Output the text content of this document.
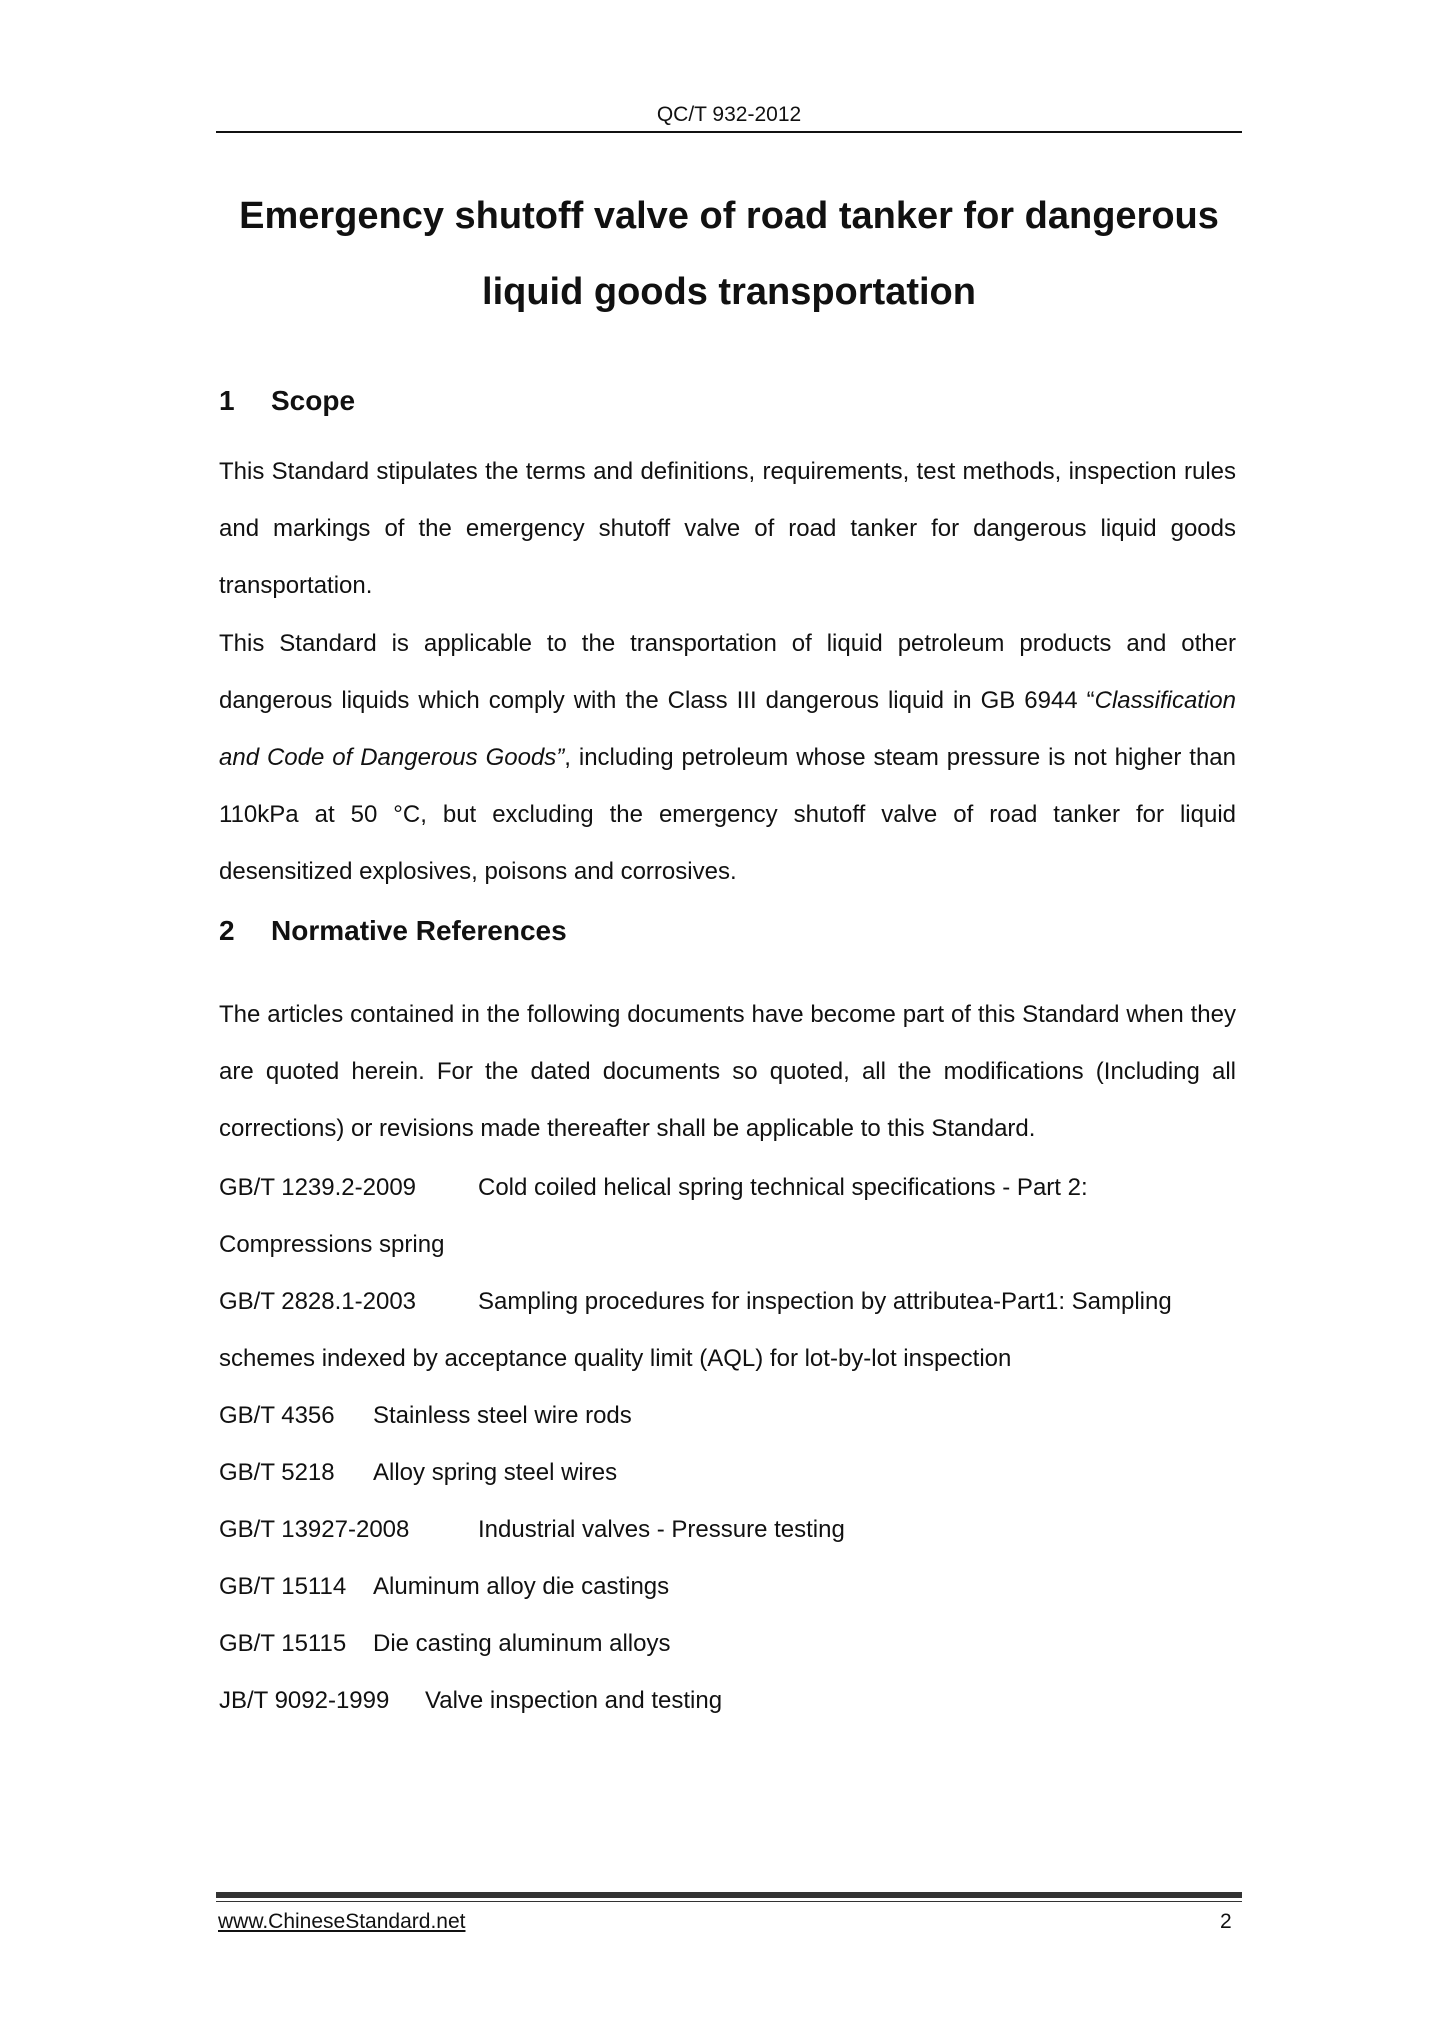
QC/T 932-2012
Emergency shutoff valve of road tanker for dangerous
liquid goods transportation
1 Scope
This Standard stipulates the terms and definitions, requirements, test methods, inspection rules and markings of the emergency shutoff valve of road tanker for dangerous liquid goods transportation.
This Standard is applicable to the transportation of liquid petroleum products and other dangerous liquids which comply with the Class III dangerous liquid in GB 6944 “Classification and Code of Dangerous Goods”, including petroleum whose steam pressure is not higher than 110kPa at 50 °C, but excluding the emergency shutoff valve of road tanker for liquid desensitized explosives, poisons and corrosives.
2 Normative References
The articles contained in the following documents have become part of this Standard when they are quoted herein. For the dated documents so quoted, all the modifications (Including all corrections) or revisions made thereafter shall be applicable to this Standard.
GB/T 1239.2-2009	Cold coiled helical spring technical specifications - Part 2:
Compressions spring
GB/T 2828.1-2003	Sampling procedures for inspection by attributea-Part1: Sampling
schemes indexed by acceptance quality limit (AQL) for lot-by-lot inspection
GB/T 4356 Stainless steel wire rods
GB/T 5218 Alloy spring steel wires
GB/T 13927-2008	Industrial valves - Pressure testing
GB/T 15114 Aluminum alloy die castings
GB/T 15115 Die casting aluminum alloys
JB/T 9092-1999 Valve inspection and testing
www.ChineseStandard.net	2
